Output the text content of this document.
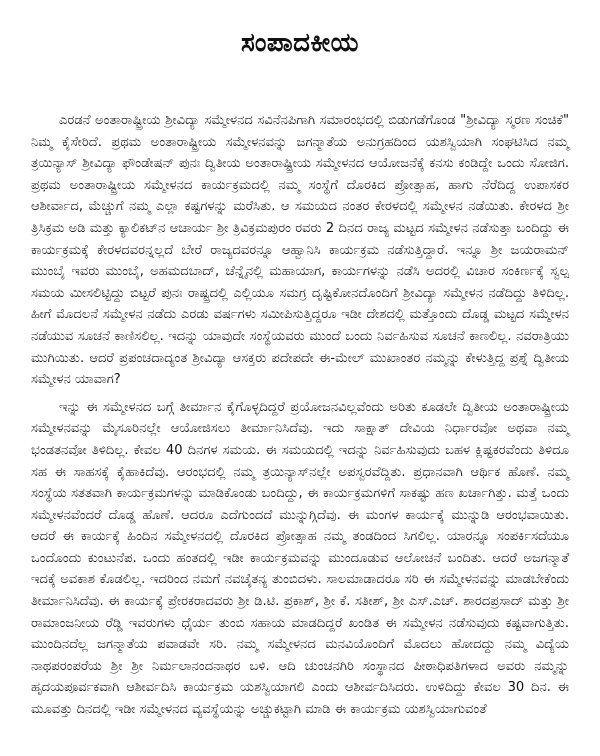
ಸಂಪಾದಕೀಯ

ಎರಡನೆ ಅಂತಾರಾಷ್ಟ್ರೀಯ ಶ್ರೀವಿದ್ಯಾ ಸಮ್ಮೇಳನದ ಸವಿನೆನಪಿಗಾಗಿ ಸಮಾರಂಭದಲ್ಲಿ ಬಿಡುಗಡೆಗೊಂಡ "ಶ್ರೀವಿದ್ಯಾ ಸ್ಮರಣ ಸಂಚಿಕೆ" ನಿಮ್ಮ ಕೈಸೇರಿದೆ. ಪ್ರಥಮ ಅಂತಾರಾಷ್ಟ್ರೀಯ ಸಮ್ಮೇಳನವನ್ನು ಜಗನ್ಮಾತೆಯ ಅನುಗ್ರಹದಿಂದ ಯಶಸ್ವಿಯಾಗಿ ಸಂಘಟಿಸಿದ ನಮ್ಮ ತ್ರಯಿನ್ಯಾಸ್ ಶ್ರೀವಿದ್ಯಾ ಫೌಂಡೇಷನ್ ಪುನಃ ದ್ವಿತೀಯ ಅಂತಾರಾಷ್ಟ್ರೀಯ ಸಮ್ಮೇಳನದ ಆಯೋಜನೆಕ್ಕೆ ಕನಸು ಕಂಡಿದ್ದೇ ಒಂದು ಸೋಜಿಗ. ಪ್ರಥಮ ಅಂತಾರಾಷ್ಟ್ರೀಯ ಸಮ್ಮೇಳನದ ಕಾರ್ಯಕ್ರಮದಲ್ಲಿ ನಮ್ಮ ಸಂಸ್ಥೆಗೆ ದೊರಕಿದ ಪ್ರೋತ್ಸಾಹ, ಹಾಗು ನೆರೆದಿದ್ದ ಉಪಾಸಕರ ಆಶೀರ್ವಾದ, ಮೆಚ್ಚುಗೆ ನಮ್ಮ ಎಲ್ಲಾ ಕಷ್ಟಗಳನ್ನು ಮರೆಸಿತು. ಆ ಸಮಯದ ನಂತರ ಕೇರಳದಲ್ಲಿ ಸಮ್ಮೇಳನ ನಡೆಯಿತು. ಕೇರಳದ ಶ್ರೀ ತ್ರಿಸಿಕ್ರಮ ಅಡಿ ಮತ್ತು ಕ್ಯಾಲಿಕಟ್‌ನ ಆಚಾರ್ಯ ಶ್ರೀ ತ್ರಿವಿಕ್ರಮಪುರಂ ರವರು 2 ದಿನದ ರಾಜ್ಯ ಮಟ್ಟದ ಸಮ್ಮೇಳನ ನಡೆಸುತ್ತಾ ಬಂದಿದ್ದು ಈ ಕಾರ್ಯಕ್ರಮಕ್ಕೆ ಕೇರಳದವರನ್ನಲ್ಲದೆ ಬೇರೆ ರಾಜ್ಯದವರನ್ನೂ ಆಹ್ವಾನಿಸಿ ಕಾರ್ಯಕ್ರಮ ನಡೆಸುತ್ತಿದ್ದಾರೆ. ಇನ್ನೂ ಶ್ರೀ ಜಯರಾಮನ್ ಮುಂಬೈ ಇವರು ಮುಂಬೈ, ಅಹಮದಬಾದ್, ಚೆನ್ನೈನಲ್ಲಿ ಮಹಾಯಾಗ, ಕಾರ್ಯಗಳನ್ನು ನಡೆಸಿ ಅದರಲ್ಲಿ ವಿಚಾರ ಸಂಕಿರ್ಣಕ್ಕೆ ಸ್ವಲ್ಪ ಸಮಯ ಮೀಸಲಿಟ್ಟಿದ್ದು ಬಿಟ್ಟರೆ ಪುನಃ ರಾಷ್ಟ್ರದಲ್ಲಿ ಎಲ್ಲಿಯೂ ಸಮಗ್ರ ದೃಷ್ಟಿಕೋನದೊಂದಿಗೆ ಶ್ರೀವಿದ್ಯಾ ಸಮ್ಮೇಳನ ನಡೆದಿದ್ದು ತಿಳಿದಿಲ್ಲ. ಹೀಗೆ ಮೊದಲನೆ ಸಮ್ಮೇಳನ ನಡೆದು ಎರಡು ವರ್ಷಗಳು ಸಮೀಪಿಸುತ್ತಿದ್ದರೂ ಇಡೀ ದೇಶದಲ್ಲಿ ಮತ್ತೊಂದು ದೊಡ್ಡ ಮಟ್ಟದ ಸಮ್ಮೇಳನ ನಡೆಯುವ ಸೂಚನೆ ಕಾಣಿಸಲಿಲ್ಲ. ಇದನ್ನು ಯಾವುದೇ ಸಂಸ್ಥೆಯವರು ಮುಂದೆ ಬಂದು ನಿರ್ವಹಿಸುವ ಸೂಚನೆ ಕಾಣಲಿಲ್ಲ. ನವರಾತ್ರಿಯು ಮುಗಿಯಿತು. ಆದರೆ ಪ್ರಪಂಚದಾದ್ಯಂತ ಶ್ರೀವಿದ್ಯಾ ಆಸಕ್ತರು ಪದೇಪದೇ ಈ-ಮೇಲ್ ಮುಖಾಂತರ ನಮ್ಮನ್ನು ಕೇಳುತ್ತಿದ್ದ ಪ್ರಶ್ನೆ ದ್ವಿತೀಯ ಸಮ್ಮೇಳನ ಯಾವಾಗ?

ಇನ್ನು ಈ ಸಮ್ಮೇಳನದ ಬಗ್ಗೆ ತೀರ್ಮಾನ ಕೈಗೊಳ್ಳದಿದ್ದರೆ ಪ್ರಯೋಜನವಿಲ್ಲವೆಂದು ಅರಿತು ಕೂಡಲೇ ದ್ವಿತೀಯ ಅಂತಾರಾಷ್ಟ್ರೀಯ ಸಮ್ಮೇಳನವನ್ನು ಮೈಸೂರಿನಲ್ಲೇ ಆಯೋಜಿಸಲು ತೀರ್ಮಾನಿಸಿದೆವು. ಇದು ಸಾಕ್ಷಾತ್ ದೇವಿಯ ನಿರ್ಧಾರವೋ ಅಥವಾ ನಮ್ಮ ಭಂಡತನವೋ ತಿಳಿದಿಲ್ಲ. ಕೇವಲ 40 ದಿನಗಳ ಸಮಯ. ಈ ಸಮಯದಲ್ಲಿ ಇದನ್ನು ನಿರ್ವಹಿಸುವುದು ಬಹಳ ಕ್ಲಿಷ್ಟಕರವೆಂದು ತಿಳಿದೂ ಸಹ ಈ ಸಾಹಸಕ್ಕೆ ಕೈಹಾಕಿದೆವು. ಆರಂಭದಲ್ಲಿ ನಮ್ಮ ತ್ರಯಿನ್ಯಾಸ್‌ನಲ್ಲೇ ಅಪಸ್ವರವೆದ್ದಿತು. ಪ್ರಧಾನವಾಗಿ ಆರ್ಥಿಕ ಹೊಣೆ. ನಮ್ಮ ಸಂಸ್ಥೆಯ ಸತತವಾಗಿ ಕಾರ್ಯಕ್ರಮಗಳನ್ನು ಮಾಡಿಕೊಂಡು ಬಂದಿದ್ದು, ಈ ಕಾರ್ಯಕ್ರಮಗಳಿಗೆ ಸಾಕಷ್ಟು ಹಣ ಖರ್ಚಾಗಿತ್ತು. ಮತ್ತೆ ಒಂದು ಸಮ್ಮೇಳನವೆಂದರೆ ದೊಡ್ಡ ಹೊಣೆ. ಆದರೂ ಎದೆಗುಂದದೆ ಮುನ್ನುಗ್ಗಿದೆವು. ಈ ಮಂಗಳ ಕಾರ್ಯಕ್ಕೆ ಮುನ್ನುಡಿ ಆರಂಭವಾಯಿತು. ಆದರೆ ಈ ಕಾರ್ಯಕ್ಕೆ ಹಿಂದಿನ ಸಮ್ಮೇಳನದಲ್ಲಿ ದೊರಕಿದ ಪ್ರೋತ್ಸಾಹ ನಮ್ಮ ತಂಡದಿಂದ ಸಿಗಲಿಲ್ಲ. ಯಾರನ್ನೂ ಸಂಪರ್ಕಿಸದೆಯೂ ಒಂದೊಂದು ಕುಂಟುನೆಪ. ಒಂದು ಹಂತದಲ್ಲಿ ಇಡೀ ಕಾರ್ಯಕ್ರಮವನ್ನು ಮುಂದೂಡುವ ಆಲೋಚನೆ ಬಂದಿತು. ಆದರೆ ಅಜಗನ್ಮಾತೆ ಇದಕ್ಕೆ ಅವಕಾಶ ಕೊಡಲಿಲ್ಲ. ಇದರಿಂದ ನಮಗೆ ನವಚೈತನ್ಯ ತುಂಬಿದಳು. ಸಾಲಮಾಡಾದರೂ ಸರಿ ಈ ಸಮ್ಮೇಳನವನ್ನು ಮಾಡಬೇಕೆಂದು ತೀರ್ಮಾನಿಸಿದೆವು. ಈ ಕಾರ್ಯಕ್ಕೆ ಪ್ರೇರಕರಾದವರು ಶ್ರೀ ಡಿ.ಟಿ. ಪ್ರಕಾಶ್, ಶ್ರೀ ಕೆ. ಸತೀಶ್, ಶ್ರೀ ಎಸ್.ಎಚ್. ಶಾರದಪ್ರಸಾದ್ ಮತ್ತು ಶ್ರೀ ರಾಮಾಂಜನೀಯ ರೆಡ್ಡಿ ಇವರುಗಳು ಧೈರ್ಯ ತುಂಬಿ ಸಹಾಯ ಮಾಡದಿದ್ದರೆ ಖಂಡಿತ ಈ ಸಮ್ಮೇಳನ ನಡೆಸುವುದು ಕಷ್ಟವಾಗುತ್ತಿತು. ಮುಂದಿನದೆಲ್ಲ ಜಗನ್ಮಾತೆಯ ಪವಾಡವೇ ಸರಿ. ನಮ್ಮ ಸಮ್ಮೇಳನದ ಮನವಿಯೊಂದಿಗೆ ಮೊದಲು ಹೋದದ್ದು ನಮ್ಮ ವಿದ್ಯೆಯ ನಾಥಪರಂಪರೆಯ ಶ್ರೀ ಶ್ರೀ ನಿರ್ಮಲಾನಂದನಾಥರ ಬಳಿ. ಆದಿ ಚುಂಚನಗಿರಿ ಸಂಸ್ಥಾನದ ಪೀಠಾಧಿಪತಿಗಳಾದ ಅವರು ನಮ್ಮನ್ನು ಹೃದಯಪೂರ್ವಕವಾಗಿ ಆಶೀರ್ವದಿಸಿ ಕಾರ್ಯಕ್ರಮ ಯಶಸ್ವಿಯಾಗಲಿ ಎಂದು ಆಶೀರ್ವದಿಸಿದರು. ಉಳಿದಿದ್ದು ಕೇವಲ 30 ದಿನ. ಈ ಮೂವತ್ತು ದಿನದಲ್ಲಿ ಇಡೀ ಸಮ್ಮೇಳನದ ವ್ಯವಸ್ಥೆಯನ್ನು ಅಚ್ಚುಕಟ್ಟಾಗಿ ಮಾಡಿ ಈ ಕಾರ್ಯಕ್ರಮ ಯಶಸ್ವಿಯಾಗುವಂತೆ
